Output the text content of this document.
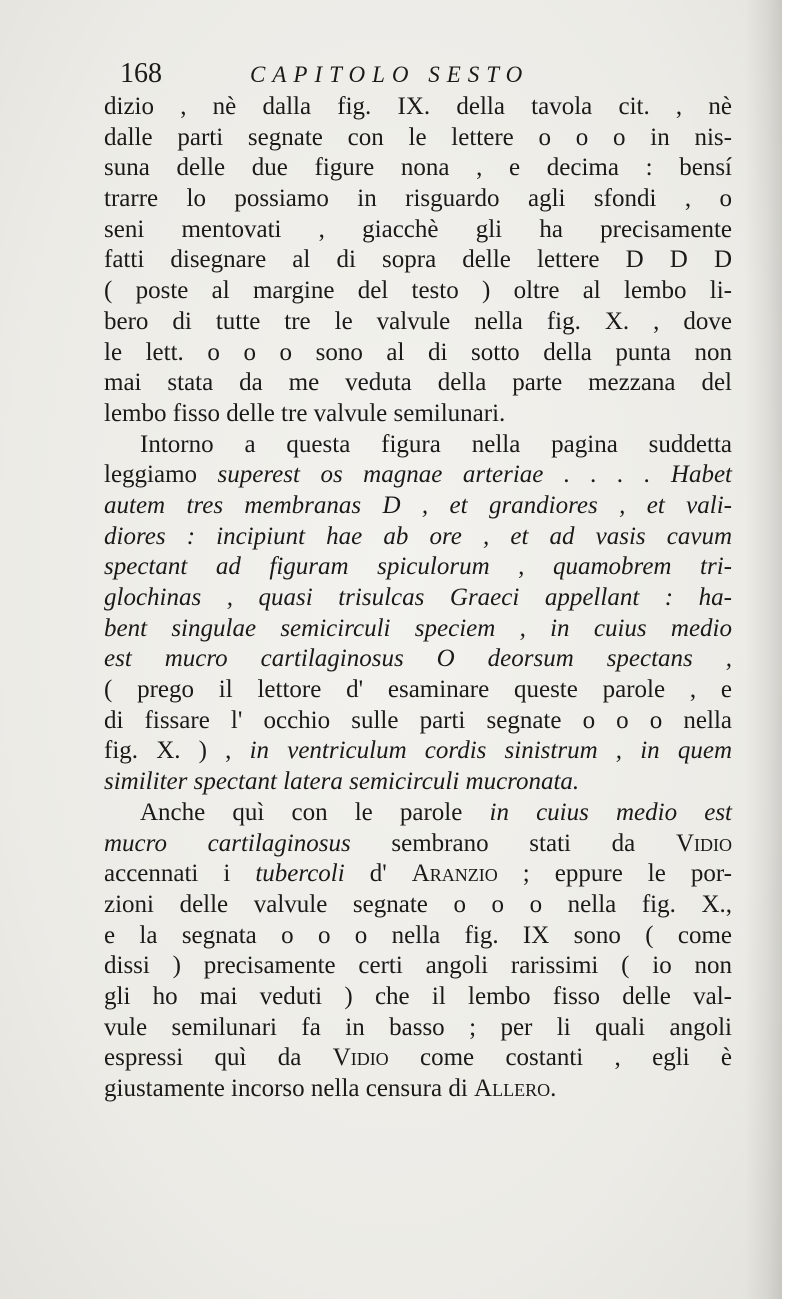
168	CAPITOLO SESTO
dizio , nè dalla fig. IX. della tavola cit. , nè
dalle parti segnate con le lettere o o o in nis-
suna delle due figure nona , e decima : bensí
trarre lo possiamo in risguardo agli sfondi , o
seni mentovati , giacchè gli ha precisamente
fatti disegnare al di sopra delle lettere D D D
( poste al margine del testo ) oltre al lembo li-
bero di tutte tre le valvule nella fig. X. , dove
le lett. o o o sono al di sotto della punta non
mai stata da me veduta della parte mezzana del
lembo fisso delle tre valvule semilunari.
Intorno a questa figura nella pagina suddetta
leggiamo superest os magnae arteriae . . . . Habet
autem tres membranas D , et grandiores , et vali-
diores : incipiunt hae ab ore , et ad vasis cavum
spectant ad figuram spiculorum , quamobrem tri-
glochinas , quasi trisulcas Graeci appellant : ha-
bent singulae semicirculi speciem , in cuius medio
est mucro cartilaginosus O deorsum spectans ,
( prego il lettore d' esaminare queste parole , e
di fissare l' occhio sulle parti segnate o o o nella
fig. X. ) , in ventriculum cordis sinistrum , in quem
similiter spectant latera semicirculi mucronata.
Anche quì con le parole in cuius medio est
mucro cartilaginosus sembrano stati da Vidio
accennati i tubercoli d' Aranzio ; eppure le por-
zioni delle valvule segnate o o o nella fig. X.,
e la segnata o o o nella fig. IX sono ( come
dissi ) precisamente certi angoli rarissimi ( io non
gli ho mai veduti ) che il lembo fisso delle val-
vule semilunari fa in basso ; per li quali angoli
espressi quì da Vidio come costanti , egli è
giustamente incorso nella censura di Allero.
